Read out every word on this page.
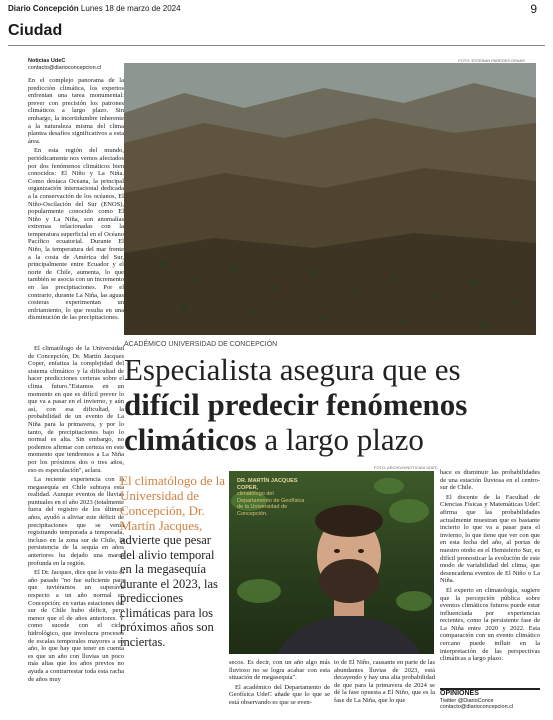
Diario Concepción Lunes 18 de marzo de 2024	9
Ciudad
Noticias UdeC
contacto@diarioconcepcion.cl

En el complejo panorama de la predicción climática, los expertos enfrentan una tarea monumental: prever con precisión los patrones climáticos a largo plazo. Sin embargo, la incertidumbre inherente a la naturaleza misma del clima plantea desafíos significativos a esta área.

En esta región del mundo, periódicamente nos vemos afectados por dos fenómenos climáticos bien conocidos: El Niño y La Niña. Como destaca Oceana, la principal organización internacional dedicada a la conservación de los océanos, El Niño-Oscilación del Sur (ENOS), popularmente conocido como El Niño y La Niña, son anomalías extremas relacionadas con la temperatura superficial en el Océano Pacífico ecuatorial. Durante El Niño, la temperatura del mar frente a la costa de América del Sur, principalmente entre Ecuador y el norte de Chile, aumenta, lo que también se asocia con un incremento en las precipitaciones. Por el contrario, durante La Niña, las aguas costeras experimentan un enfriamiento, lo que resulta en una disminución de las precipitaciones.

FOTO: ESTEBAN PAREDES DRAKE
ACADÉMICO UNIVERSIDAD DE CONCEPCIÓN
Especialista asegura que es difícil predecir fenómenos climáticos a largo plazo

El climatólogo de la Universidad de Concepción, Dr. Martín Jacques Coper, enfatiza la complejidad del sistema climático y la dificultad de hacer predicciones certeras sobre el clima futuro."Estamos en un momento en que es difícil prever lo que va a pasar en el invierno, y aún así, con esa dificultad, la probabilidad de un evento de La Niña para la primavera, y por lo tanto, de precipitaciones bajo lo normal es alta. Sin embargo, no podemos afirmar con certeza en este momento que tendremos a La Niña por los próximos dos o tres años, eso es especulación", aclara.

La reciente experiencia con la megasequía en Chile subraya esta realidad. Aunque eventos de lluvias puntuales en el año 2023 (totalmente fuera del registro de los últimos años, ayudó a aliviar este déficit de precipitaciones que se venía registrando temporada a temporada, incluso en la zona sur de Chile, la persistencia de la sequía en años anteriores ha dejado una marca profunda en la región.

El Dr. Jacques, dice que lo visto el año pasado "no fue suficiente para que tuviéramos un superávit respecto a un año normal en Concepción; en varias estaciones del sur de Chile hubo déficit, pero menor que el de años anteriores. Y como sucede con el ciclo hidrológico, que involucra procesos de escalas temporales mayores a un año, lo que hay que tener en cuenta es que un año con lluvias un poco más altas que los años previos no ayuda a contrarrestar toda esta racha de años muy

El climatólogo de la Universidad de Concepción, Dr. Martín Jacques,
advierte que pesar del alivio temporal en la megasequía durante el 2023, las predicciones climáticas para los próximos años son inciertas.
FOTO: ARCHIVO/NOTICIAS UDEC
DR. MARTÍN JACQUES COPER,
climatólogo del Departamento de Geofísica de la Universidad de Concepción.

hace es disminuir las probabilidades de una estación lluviosa en el centro-sur de Chile.

El docente de la Facultad de Ciencias Físicas y Matemáticas UdeC afirma que las probabilidades actualmente muestran que es bastante incierto lo que va a pasar para el invierno, lo que tiene que ver con que en esta fecha del año, al portas de nuestro otoño en el Hemisferio Sur, es difícil pronosticar la evolución de este modo de variabilidad del clima, que desencadena eventos de El Niño o La Niña.

El experto en climatología, sugiere que la percepción pública sobre eventos climáticos futuros puede estar influenciada por experiencias recientes, como la persistente fase de La Niña entre 2020 y 2022. Esta comparación con un evento climático cercano puede influir en la interpretación de las perspectivas climáticas a largo plazo.

secos. Es decir, con un año algo más lluvioso no se logra acabar con esta situación de megasequía".

El académico del Departamento de Geofísica UdeC añade que lo que se está observando es que se even-

to de El Niño, causante en parte de las abundantes lluvias de 2023, está decayendo y hay una alta probabilidad de que para la primavera de 2024 se dé la fase opuesta a El Niño, que es la fase de La Niña, que lo que

OPINIONES
Twitter @DiarioConce
contacto@diarioconcepcion.cl
